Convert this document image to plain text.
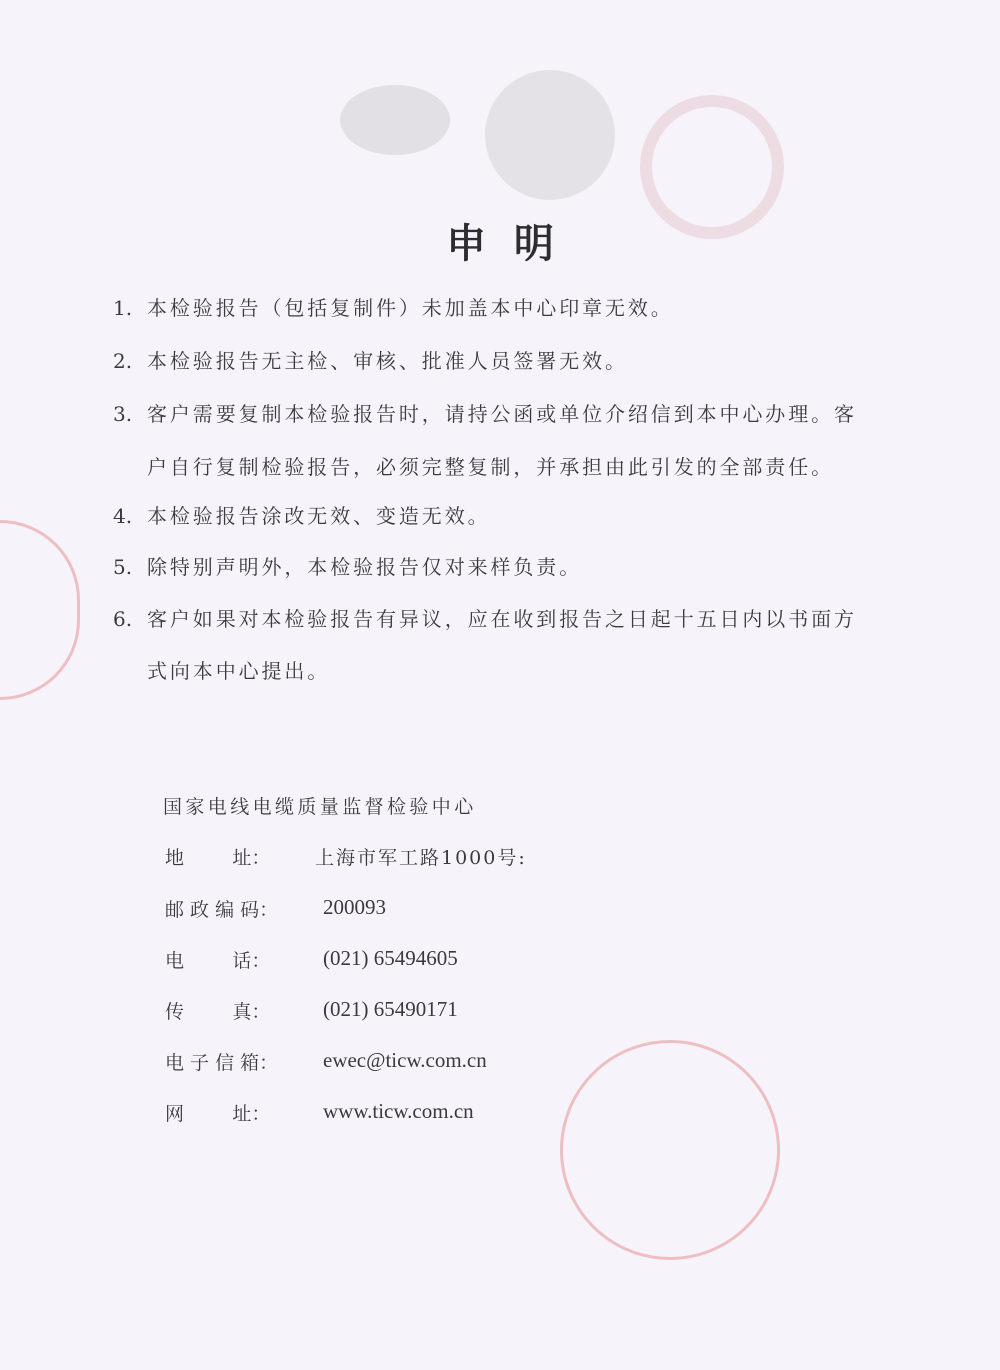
申  明
1. 本检验报告（包括复制件）未加盖本中心印章无效。
2. 本检验报告无主检、审核、批准人员签署无效。
3. 客户需要复制本检验报告时，请持公函或单位介绍信到本中心办理。客
户自行复制检验报告，必须完整复制，并承担由此引发的全部责任。
4. 本检验报告涂改无效、变造无效。
5. 除特别声明外，本检验报告仅对来样负责。
6. 客户如果对本检验报告有异议，应在收到报告之日起十五日内以书面方
式向本中心提出。
国家电线电缆质量监督检验中心
地        址：	上海市军工路1000号:
邮 政 编 码：	200093
电        话：	(021) 65494605
传        真：	(021) 65490171
电 子 信 箱：	ewec@ticw.com.cn
网        址：	www.ticw.com.cn
